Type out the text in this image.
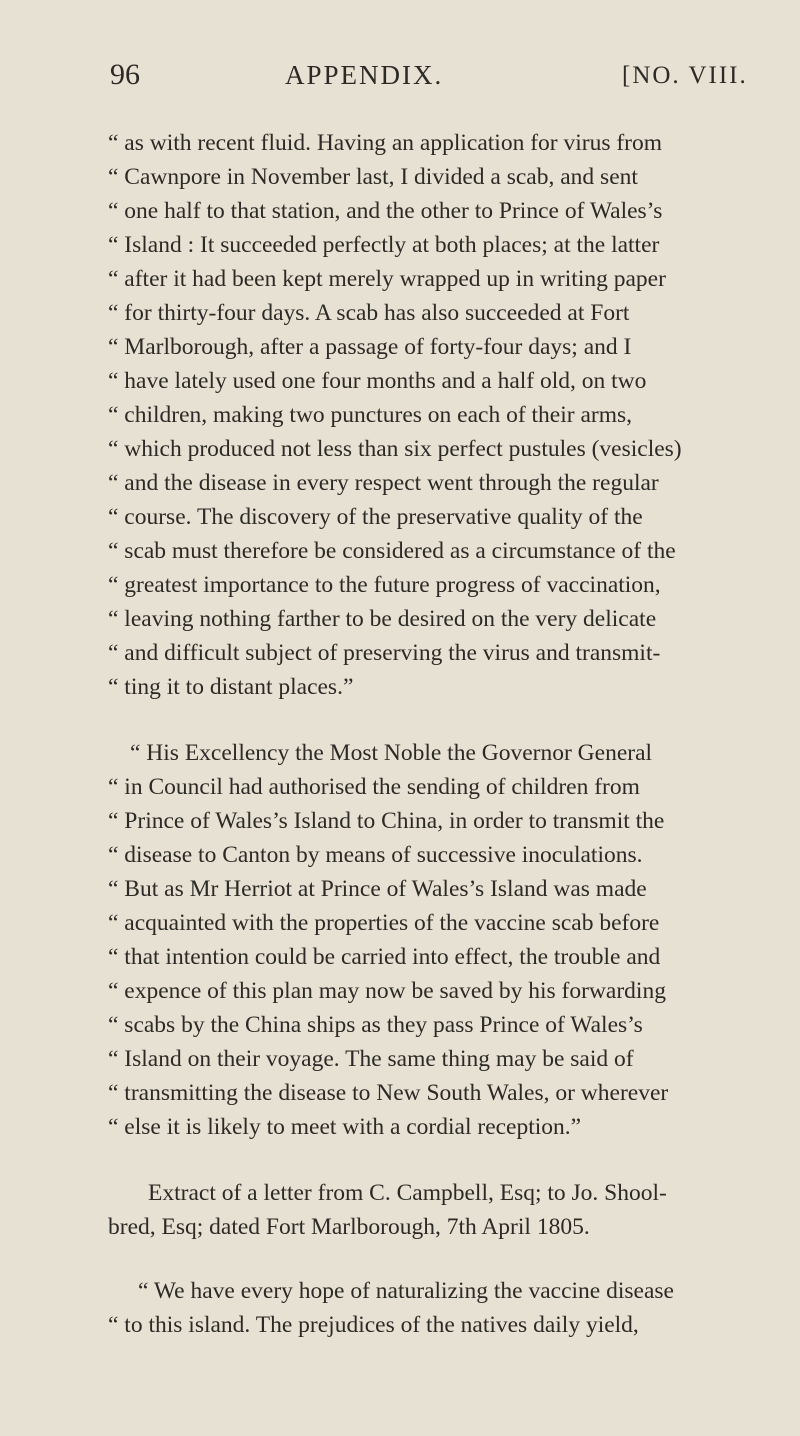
96	APPENDIX.	[NO. VIII.
“ as with recent fluid. Having an application for virus from
“ Cawnpore in November last, I divided a scab, and sent
“ one half to that station, and the other to Prince of Wales’s
“ Island : It succeeded perfectly at both places; at the latter
“ after it had been kept merely wrapped up in writing paper
“ for thirty-four days. A scab has also succeeded at Fort
“ Marlborough, after a passage of forty-four days; and I
“ have lately used one four months and a half old, on two
“ children, making two punctures on each of their arms,
“ which produced not less than six perfect pustules (vesicles)
“ and the disease in every respect went through the regular
“ course. The discovery of the preservative quality of the
“ scab must therefore be considered as a circumstance of the
“ greatest importance to the future progress of vaccination,
“ leaving nothing farther to be desired on the very delicate
“ and difficult subject of preserving the virus and transmit-
“ ting it to distant places.”
“ His Excellency the Most Noble the Governor General
“ in Council had authorised the sending of children from
“ Prince of Wales’s Island to China, in order to transmit the
“ disease to Canton by means of successive inoculations.
“ But as Mr Herriot at Prince of Wales’s Island was made
“ acquainted with the properties of the vaccine scab before
“ that intention could be carried into effect, the trouble and
“ expence of this plan may now be saved by his forwarding
“ scabs by the China ships as they pass Prince of Wales’s
“ Island on their voyage. The same thing may be said of
“ transmitting the disease to New South Wales, or wherever
“ else it is likely to meet with a cordial reception.”
Extract of a letter from C. Campbell, Esq; to Jo. Shool-
bred, Esq; dated Fort Marlborough, 7th April 1805.
“ We have every hope of naturalizing the vaccine disease
“ to this island. The prejudices of the natives daily yield,
